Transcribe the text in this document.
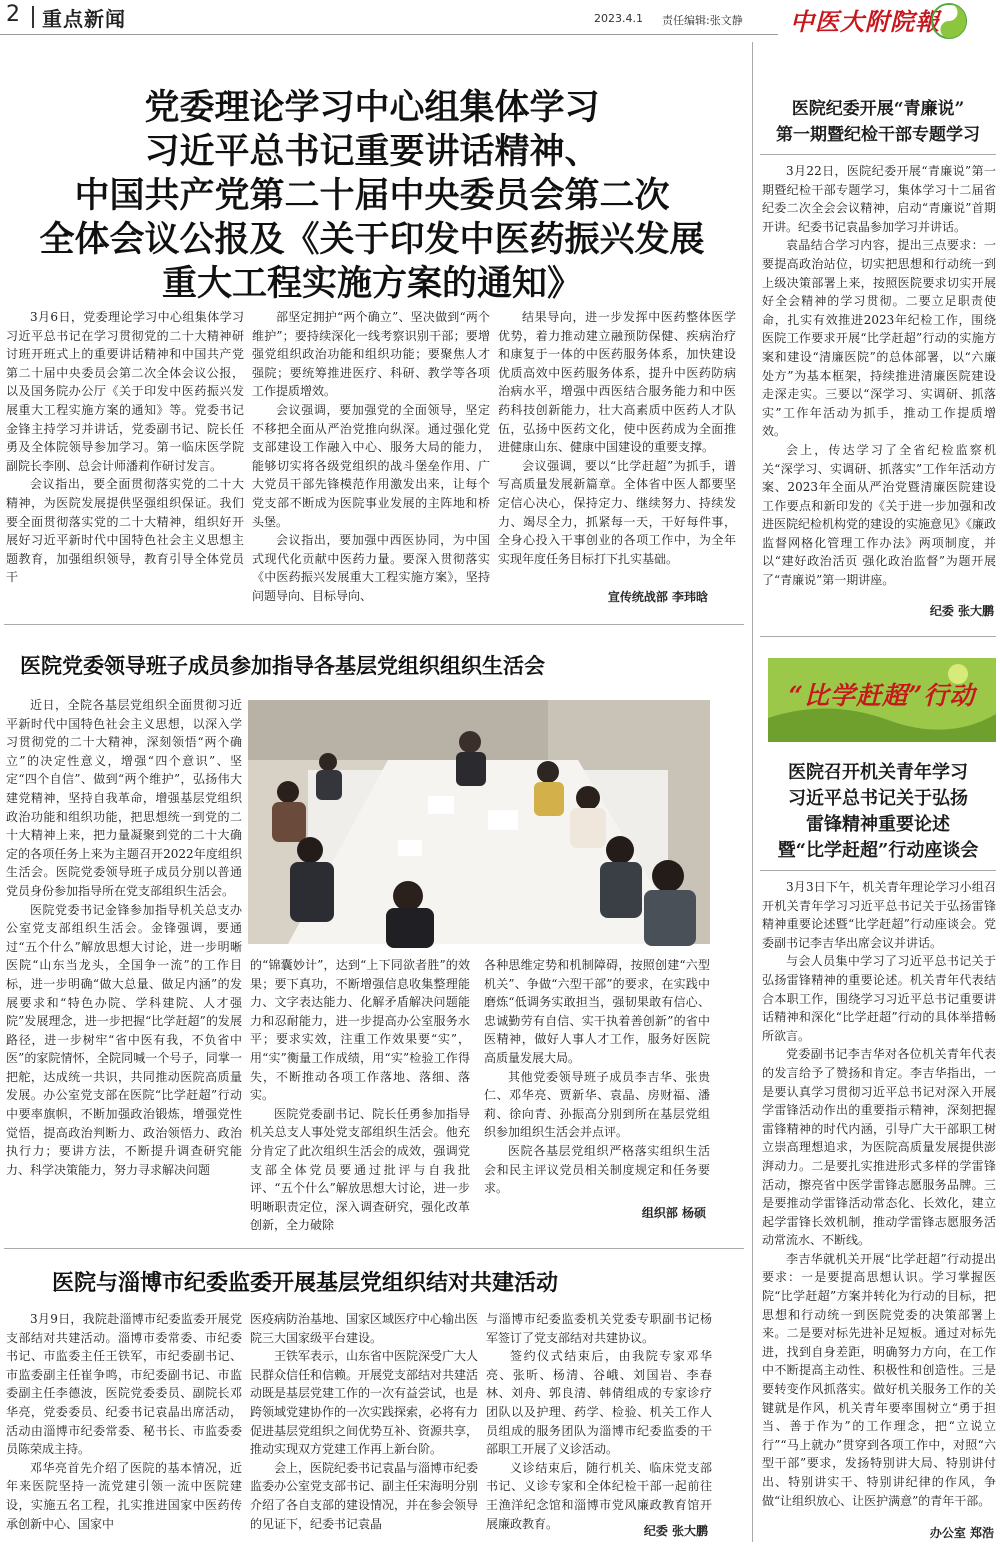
2 重点新闻	2023.4.1 责任编辑:张文静 中医大附院報
党委理论学习中心组集体学习
习近平总书记重要讲话精神、
中国共产党第二十届中央委员会第二次
全体会议公报及《关于印发中医药振兴发展
重大工程实施方案的通知》

3月6日，党委理论学习中心组集体学习习近平总书记在学习贯彻党的二十大精神研讨班开班式上的重要讲话精神和中国共产党第二十届中央委员会第二次全体会议公报，以及国务院办公厅《关于印发中医药振兴发展重大工程实施方案的通知》等。党委书记金锋主持学习并讲话，党委副书记、院长任勇及全体院领导参加学习。第一临床医学院副院长李刚、总会计师潘莉作研讨发言。

会议指出，要全面贯彻落实党的二十大精神，为医院发展提供坚强组织保证。我们要全面贯彻落实党的二十大精神，组织好开展好习近平新时代中国特色社会主义思想主题教育，加强组织领导，教育引导全体党员干

部坚定拥护“两个确立”、坚决做到“两个维护”；要持续深化一线考察识别干部；要增强党组织政治功能和组织功能；要聚焦人才强院；要统筹推进医疗、科研、教学等各项工作提质增效。

会议强调，要加强党的全面领导，坚定不移把全面从严治党推向纵深。通过强化党支部建设工作融入中心、服务大局的能力，能够切实将各级党组织的战斗堡垒作用、广大党员干部先锋模范作用激发出来，让每个党支部不断成为医院事业发展的主阵地和桥头堡。

会议指出，要加强中西医协同，为中国式现代化贡献中医药力量。要深入贯彻落实《中医药振兴发展重大工程实施方案》，坚持问题导向、目标导向、

结果导向，进一步发挥中医药整体医学优势，着力推动建立融预防保健、疾病治疗和康复于一体的中医药服务体系，加快建设优质高效中医药服务体系，提升中医药防病治病水平，增强中西医结合服务能力和中医药科技创新能力，壮大高素质中医药人才队伍，弘扬中医药文化，使中医药成为全面推进健康山东、健康中国建设的重要支撑。

会议强调，要以“比学赶超”为抓手，谱写高质量发展新篇章。全体省中医人都要坚定信心决心，保持定力、继续努力、持续发力、竭尽全力，抓紧每一天，干好每件事，全身心投入干事创业的各项工作中，为全年实现年度任务目标打下扎实基础。

宣传统战部 李玮晗
医院党委领导班子成员参加指导各基层党组织组织生活会

近日，全院各基层党组织全面贯彻习近平新时代中国特色社会主义思想，以深入学习贯彻党的二十大精神，深刻领悟“两个确立”的决定性意义，增强“四个意识”、坚定“四个自信”、做到“两个维护”，弘扬伟大建党精神，坚持自我革命，增强基层党组织政治功能和组织功能，把思想统一到党的二十大精神上来，把力量凝聚到党的二十大确定的各项任务上来为主题召开2022年度组织生活会。医院党委领导班子成员分别以普通党员身份参加指导所在党支部组织生活会。

医院党委书记金锋参加指导机关总支办公室党支部组织生活会。金锋强调，要通过“五个什么”解放思想大讨论，进一步明晰医院“山东当龙头，全国争一流”的工作目标，进一步明确“做大总量、做足内涵”的发展要求和“特色办院、学科建院、人才强院”发展理念，进一步把握“比学赶超”的发展路径，进一步树牢“省中医有我，不负省中医”的家院情怀，全院同喊一个号子，同掌一把舵，达成统一共识，共同推动医院高质量发展。办公室党支部在医院“比学赶超”行动中要率旗帜，不断加强政治锻炼，增强党性觉悟，提高政治判断力、政治领悟力、政治执行力；要讲方法，不断提升调查研究能力、科学决策能力，努力寻求解决问题

的“锦囊妙计”，达到“上下同欲者胜”的效果；要下真功，不断增强信息收集整理能力、文字表达能力、化解矛盾解决问题能力和忍耐能力，进一步提高办公室服务水平；要求实效，注重工作效果要“实”，用“实”衡量工作成绩，用“实”检验工作得失，不断推动各项工作落地、落细、落实。

医院党委副书记、院长任勇参加指导机关总支人事处党支部组织生活会。他充分肯定了此次组织生活会的成效，强调党支部全体党员要通过批评与自我批评、“五个什么”解放思想大讨论，进一步明晰职责定位，深入调查研究，强化改革创新，全力破除

各种思维定势和机制障碍，按照创建“六型机关”、争做“六型干部”的要求，在实践中磨炼“低调务实敢担当，强韧果敢有信心、忠诚勤劳有自信、实干执着善创新”的省中医精神，做好人事人才工作，服务好医院高质量发展大局。

其他党委领导班子成员李吉华、张贵仁、邓华亮、贾新华、袁晶、房财福、潘莉、徐向青、孙振高分别到所在基层党组织参加组织生活会并点评。

医院各基层党组织严格落实组织生活会和民主评议党员相关制度规定和任务要求。

组织部 杨硕
医院与淄博市纪委监委开展基层党组织结对共建活动

3月9日，我院赴淄博市纪委监委开展党支部结对共建活动。淄博市委常委、市纪委书记、市监委主任王铁军，市纪委副书记、市监委副主任崔争鸣，市纪委副书记、市监委副主任李德波，医院党委委员、副院长邓华亮，党委委员、纪委书记袁晶出席活动，活动由淄博市纪委常委、秘书长、市监委委员陈荣成主持。

邓华亮首先介绍了医院的基本情况，近年来医院坚持一流党建引领一流中医院建设，实施五名工程，扎实推进国家中医药传承创新中心、国家中

医疫病防治基地、国家区域医疗中心输出医院三大国家级平台建设。

王铁军表示，山东省中医院深受广大人民群众信任和信赖。开展党支部结对共建活动既是基层党建工作的一次有益尝试，也是跨领域党建协作的一次实践探索，必将有力促进基层党组织之间优势互补、资源共享，推动实现双方党建工作再上新台阶。

会上，医院纪委书记袁晶与淄博市纪委监委办公室党支部书记、副主任宋海明分别介绍了各自支部的建设情况，并在参会领导的见证下，纪委书记袁晶

与淄博市纪委监委机关党委专职副书记杨军签订了党支部结对共建协议。

签约仪式结束后，由我院专家邓华亮、张昕、杨清、谷峨、刘国岩、李春林、刘舟、郭良清、韩倩组成的专家诊疗团队以及护理、药学、检验、机关工作人员组成的服务团队为淄博市纪委监委的干部职工开展了义诊活动。

义诊结束后，随行机关、临床党支部书记、义诊专家和全体纪检干部一起前往王渔洋纪念馆和淄博市党风廉政教育馆开展廉政教育。

纪委 张大鹏
医院纪委开展“青廉说”
第一期暨纪检干部专题学习

3月22日，医院纪委开展“青廉说”第一期暨纪检干部专题学习，集体学习十二届省纪委二次全会会议精神，启动“青廉说”首期开讲。纪委书记袁晶参加学习并讲话。

袁晶结合学习内容，提出三点要求：一要提高政治站位，切实把思想和行动统一到上级决策部署上来，按照医院要求切实开展好全会精神的学习贯彻。二要立足职责使命，扎实有效推进2023年纪检工作，围绕医院工作要求开展“比学赶超”行动的实施方案和建设“清廉医院”的总体部署，以“六廉处方”为基本框架，持续推进清廉医院建设走深走实。三要以“深学习、实调研、抓落实”工作年活动为抓手，推动工作提质增效。

会上，传达学习了全省纪检监察机关“深学习、实调研、抓落实”工作年活动方案、2023年全面从严治党暨清廉医院建设工作要点和新印发的《关于进一步加强和改进医院纪检机构党的建设的实施意见》《廉政监督网格化管理工作办法》两项制度，并以“建好政治活页 强化政治监督”为题开展了“青廉说”第一期讲座。

纪委 张大鹏
“比学赶超”行动
医院召开机关青年学习
习近平总书记关于弘扬
雷锋精神重要论述
暨“比学赶超”行动座谈会

3月3日下午，机关青年理论学习小组召开机关青年学习习近平总书记关于弘扬雷锋精神重要论述暨“比学赶超”行动座谈会。党委副书记李吉华出席会议并讲话。

与会人员集中学习了习近平总书记关于弘扬雷锋精神的重要论述。机关青年代表结合本职工作，围绕学习习近平总书记重要讲话精神和深化“比学赶超”行动的具体举措畅所欲言。

党委副书记李吉华对各位机关青年代表的发言给予了赞扬和肯定。李吉华指出，一是要认真学习贯彻习近平总书记对深入开展学雷锋活动作出的重要指示精神，深刻把握雷锋精神的时代内涵，引导广大干部职工树立崇高理想追求，为医院高质量发展提供澎湃动力。二是要扎实推进形式多样的学雷锋活动，擦亮省中医学雷锋志愿服务品牌。三是要推动学雷锋活动常态化、长效化，建立起学雷锋长效机制，推动学雷锋志愿服务活动常流水、不断线。

李吉华就机关开展“比学赶超”行动提出要求：一是要提高思想认识。学习掌握医院“比学赶超”方案并转化为行动的目标，把思想和行动统一到医院党委的决策部署上来。二是要对标先进补足短板。通过对标先进，找到自身差距，明确努力方向，在工作中不断提高主动性、积极性和创造性。三是要转变作风抓落实。做好机关服务工作的关键就是作风，机关青年要率围树立“勇于担当、善于作为”的工作理念，把“立说立行”“马上就办”贯穿到各项工作中，对照“六型干部”要求，发扬特别讲大局、特别讲付出、特别讲实干、特别讲纪律的作风，争做“让组织放心、让医护满意”的青年干部。

办公室 郑浩
